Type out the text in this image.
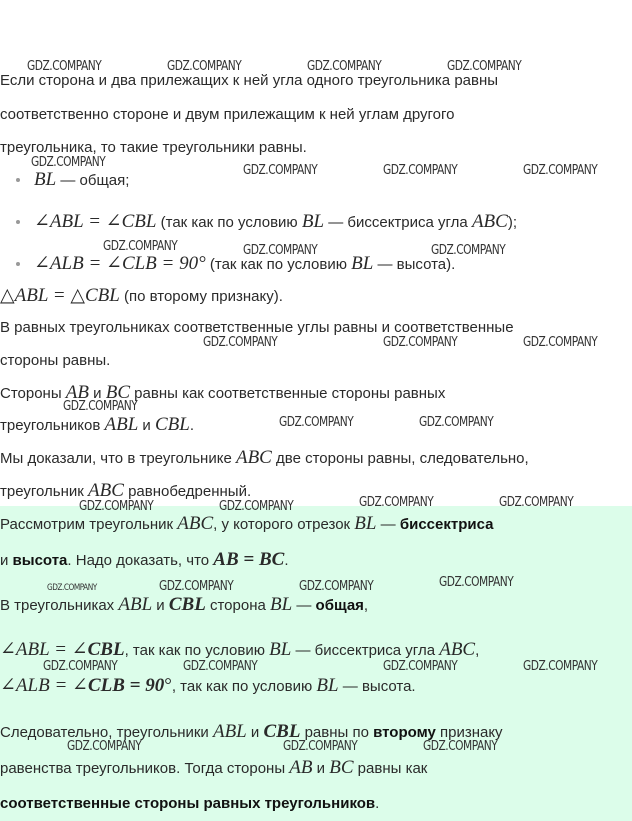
Если сторона и два прилежащих к ней угла одного треугольника равны
соответственно стороне и двум прилежащим к ней углам другого
треугольника, то такие треугольники равны.
BL — общая;
∠ABL = ∠CBL (так как по условию BL — биссектриса угла ABC);
∠ALB = ∠CLB = 90° (так как по условию BL — высота).
△ABL = △CBL (по второму признаку).
В равных треугольниках соответственные углы равны и соответственные
стороны равны.
Стороны AB и BC равны как соответственные стороны равных
треугольников ABL и CBL.
Мы доказали, что в треугольнике ABC две стороны равны, следовательно,
треугольник ABC равнобедренный.
Рассмотрим треугольник ABC, у которого отрезок BL — биссектриса
и высота. Надо доказать, что AB = BC.
В треугольниках ABL и CBL сторона BL — общая,
∠ABL = ∠CBL, так как по условию BL — биссектриса угла ABC,
∠ALB = ∠CLB = 90°, так как по условию BL — высота.
Следовательно, треугольники ABL и CBL равны по второму признаку
равенства треугольников. Тогда стороны AB и BC равны как
соответственные стороны равных треугольников.
GDZ.COMPANY	GDZ.COMPANY	GDZ.COMPANY	GDZ.COMPANY
GDZ.COMPANY
GDZ.COMPANY	GDZ.COMPANY	GDZ.COMPANY
GDZ.COMPANY	GDZ.COMPANY	GDZ.COMPANY
GDZ.COMPANY	GDZ.COMPANY	GDZ.COMPANY
GDZ.COMPANY
GDZ.COMPANY	GDZ.COMPANY
GDZ.COMPANY	GDZ.COMPANY
GDZ.COMPANY	GDZ.COMPANY
GDZ.COMPANY	GDZ.COMPANY	GDZ.COMPANY	GDZ.COMPANY
GDZ.COMPANY	GDZ.COMPANY	GDZ.COMPANY	GDZ.COMPANY
GDZ.COMPANY	GDZ.COMPANY	GDZ.COMPANY
